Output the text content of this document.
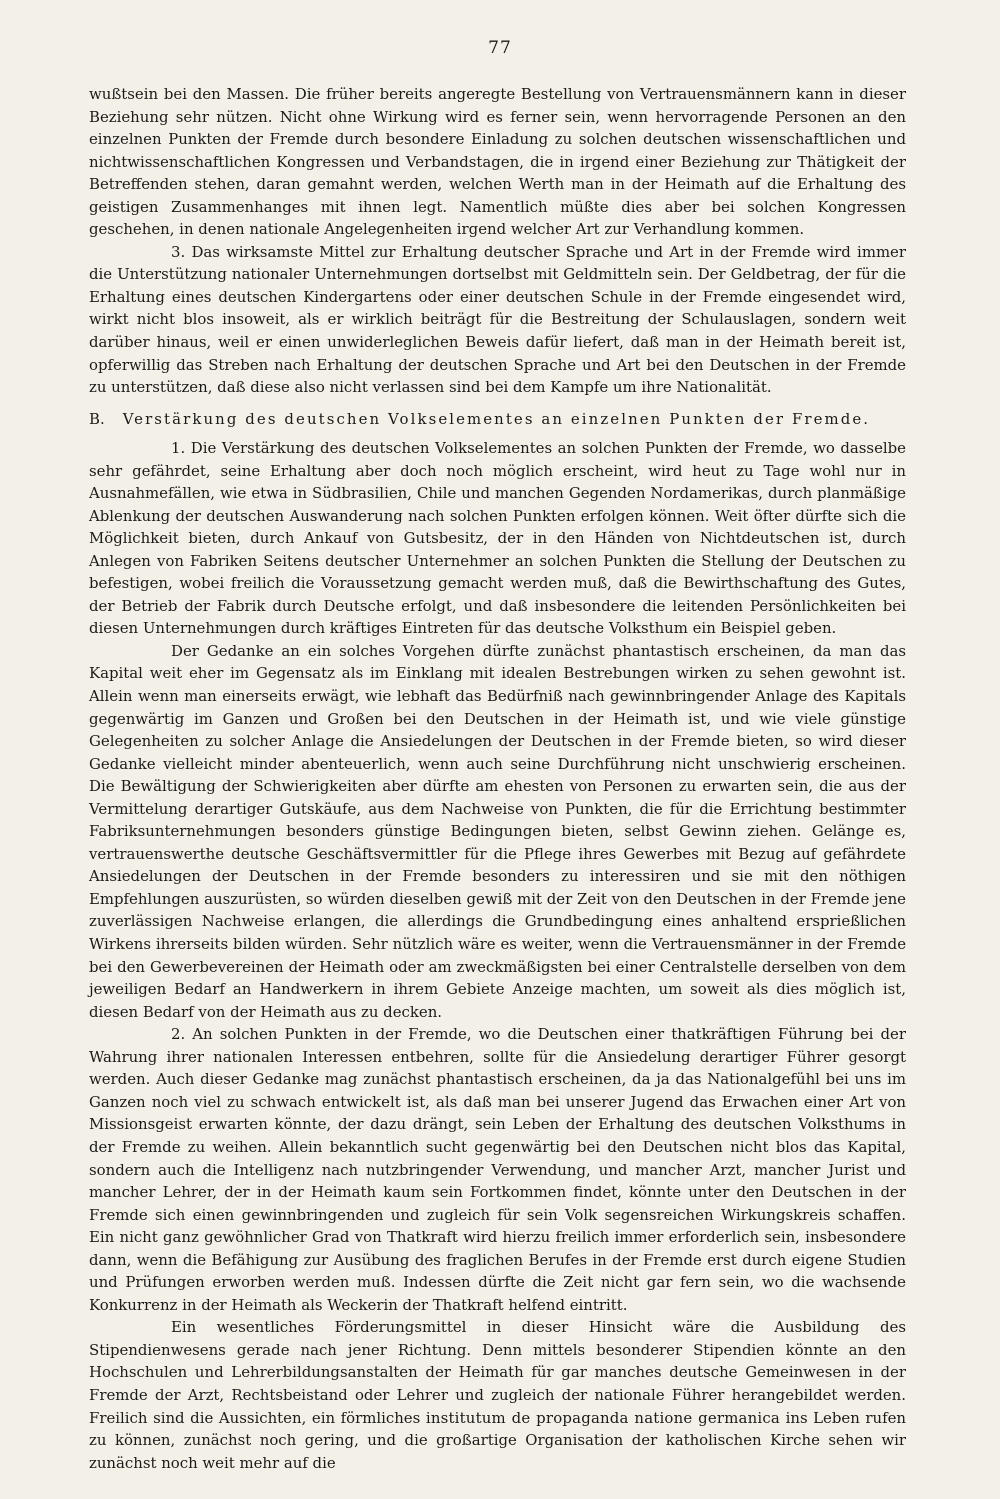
77

wußtsein bei den Massen. Die früher bereits angeregte Bestellung von Vertrauensmännern kann in dieser Beziehung sehr nützen. Nicht ohne Wirkung wird es ferner sein, wenn hervorragende Personen an den einzelnen Punkten der Fremde durch besondere Einladung zu solchen deutschen wissenschaftlichen und nichtwissenschaftlichen Kongressen und Verbandstagen, die in irgend einer Beziehung zur Thätigkeit der Betreffenden stehen, daran gemahnt werden, welchen Werth man in der Heimath auf die Erhaltung des geistigen Zusammenhanges mit ihnen legt. Namentlich müßte dies aber bei solchen Kongressen geschehen, in denen nationale Angelegenheiten irgend welcher Art zur Verhandlung kommen.

3. Das wirksamste Mittel zur Erhaltung deutscher Sprache und Art in der Fremde wird immer die Unterstützung nationaler Unternehmungen dortselbst mit Geldmitteln sein. Der Geldbetrag, der für die Erhaltung eines deutschen Kindergartens oder einer deutschen Schule in der Fremde eingesendet wird, wirkt nicht blos insoweit, als er wirklich beiträgt für die Bestreitung der Schulauslagen, sondern weit darüber hinaus, weil er einen unwiderleglichen Beweis dafür liefert, daß man in der Heimath bereit ist, opferwillig das Streben nach Erhaltung der deutschen Sprache und Art bei den Deutschen in der Fremde zu unterstützen, daß diese also nicht verlassen sind bei dem Kampfe um ihre Nationalität.

B. Verstärkung des deutschen Volkselementes an einzelnen Punkten der Fremde.

1. Die Verstärkung des deutschen Volkselementes an solchen Punkten der Fremde, wo dasselbe sehr gefährdet, seine Erhaltung aber doch noch möglich erscheint, wird heut zu Tage wohl nur in Ausnahmefällen, wie etwa in Südbrasilien, Chile und manchen Gegenden Nordamerikas, durch planmäßige Ablenkung der deutschen Auswanderung nach solchen Punkten erfolgen können. Weit öfter dürfte sich die Möglichkeit bieten, durch Ankauf von Gutsbesitz, der in den Händen von Nichtdeutschen ist, durch Anlegen von Fabriken Seitens deutscher Unternehmer an solchen Punkten die Stellung der Deutschen zu befestigen, wobei freilich die Voraussetzung gemacht werden muß, daß die Bewirthschaftung des Gutes, der Betrieb der Fabrik durch Deutsche erfolgt, und daß insbesondere die leitenden Persönlichkeiten bei diesen Unternehmungen durch kräftiges Eintreten für das deutsche Volksthum ein Beispiel geben.

Der Gedanke an ein solches Vorgehen dürfte zunächst phantastisch erscheinen, da man das Kapital weit eher im Gegensatz als im Einklang mit idealen Bestrebungen wirken zu sehen gewohnt ist. Allein wenn man einerseits erwägt, wie lebhaft das Bedürfniß nach gewinnbringender Anlage des Kapitals gegenwärtig im Ganzen und Großen bei den Deutschen in der Heimath ist, und wie viele günstige Gelegenheiten zu solcher Anlage die Ansiedelungen der Deutschen in der Fremde bieten, so wird dieser Gedanke vielleicht minder abenteuerlich, wenn auch seine Durchführung nicht unschwierig erscheinen. Die Bewältigung der Schwierigkeiten aber dürfte am ehesten von Personen zu erwarten sein, die aus der Vermittelung derartiger Gutskäufe, aus dem Nachweise von Punkten, die für die Errichtung bestimmter Fabriksunternehmungen besonders günstige Bedingungen bieten, selbst Gewinn ziehen. Gelänge es, vertrauenswerthe deutsche Geschäftsvermittler für die Pflege ihres Gewerbes mit Bezug auf gefährdete Ansiedelungen der Deutschen in der Fremde besonders zu interessiren und sie mit den nöthigen Empfehlungen auszurüsten, so würden dieselben gewiß mit der Zeit von den Deutschen in der Fremde jene zuverlässigen Nachweise erlangen, die allerdings die Grundbedingung eines anhaltend ersprießlichen Wirkens ihrerseits bilden würden. Sehr nützlich wäre es weiter, wenn die Vertrauensmänner in der Fremde bei den Gewerbevereinen der Heimath oder am zweckmäßigsten bei einer Centralstelle derselben von dem jeweiligen Bedarf an Handwerkern in ihrem Gebiete Anzeige machten, um soweit als dies möglich ist, diesen Bedarf von der Heimath aus zu decken.

2. An solchen Punkten in der Fremde, wo die Deutschen einer thatkräftigen Führung bei der Wahrung ihrer nationalen Interessen entbehren, sollte für die Ansiedelung derartiger Führer gesorgt werden. Auch dieser Gedanke mag zunächst phantastisch erscheinen, da ja das Nationalgefühl bei uns im Ganzen noch viel zu schwach entwickelt ist, als daß man bei unserer Jugend das Erwachen einer Art von Missionsgeist erwarten könnte, der dazu drängt, sein Leben der Erhaltung des deutschen Volksthums in der Fremde zu weihen. Allein bekanntlich sucht gegenwärtig bei den Deutschen nicht blos das Kapital, sondern auch die Intelligenz nach nutzbringender Verwendung, und mancher Arzt, mancher Jurist und mancher Lehrer, der in der Heimath kaum sein Fortkommen findet, könnte unter den Deutschen in der Fremde sich einen gewinnbringenden und zugleich für sein Volk segensreichen Wirkungskreis schaffen. Ein nicht ganz gewöhnlicher Grad von Thatkraft wird hierzu freilich immer erforderlich sein, insbesondere dann, wenn die Befähigung zur Ausübung des fraglichen Berufes in der Fremde erst durch eigene Studien und Prüfungen erworben werden muß. Indessen dürfte die Zeit nicht gar fern sein, wo die wachsende Konkurrenz in der Heimath als Weckerin der Thatkraft helfend eintritt.

Ein wesentliches Förderungsmittel in dieser Hinsicht wäre die Ausbildung des Stipendienwesens gerade nach jener Richtung. Denn mittels besonderer Stipendien könnte an den Hochschulen und Lehrerbildungsanstalten der Heimath für gar manches deutsche Gemeinwesen in der Fremde der Arzt, Rechtsbeistand oder Lehrer und zugleich der nationale Führer herangebildet werden. Freilich sind die Aussichten, ein förmliches institutum de propaganda natione germanica ins Leben rufen zu können, zunächst noch gering, und die großartige Organisation der katholischen Kirche sehen wir zunächst noch weit mehr auf die
